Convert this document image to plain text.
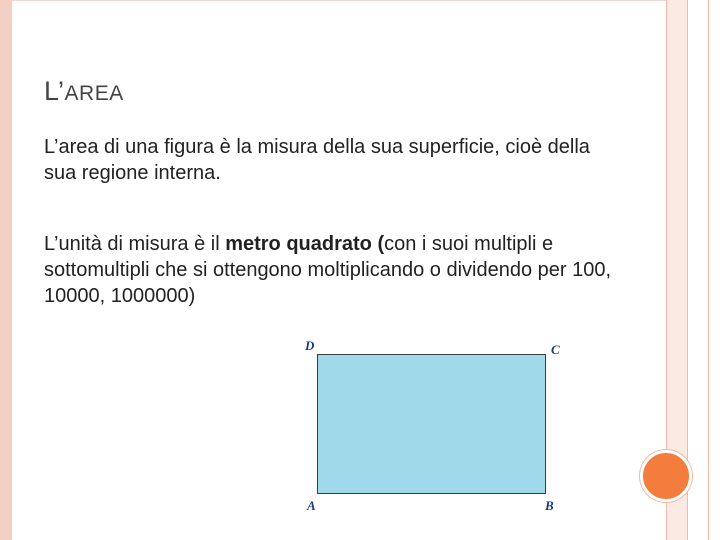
L’AREA
L’area di una figura è la misura della sua superficie, cioè della sua regione interna.
L’unità di misura è il metro quadrato (con i suoi multipli e sottomultipli che si ottengono moltiplicando o dividendo per 100, 10000, 1000000)
D	C
A	B
